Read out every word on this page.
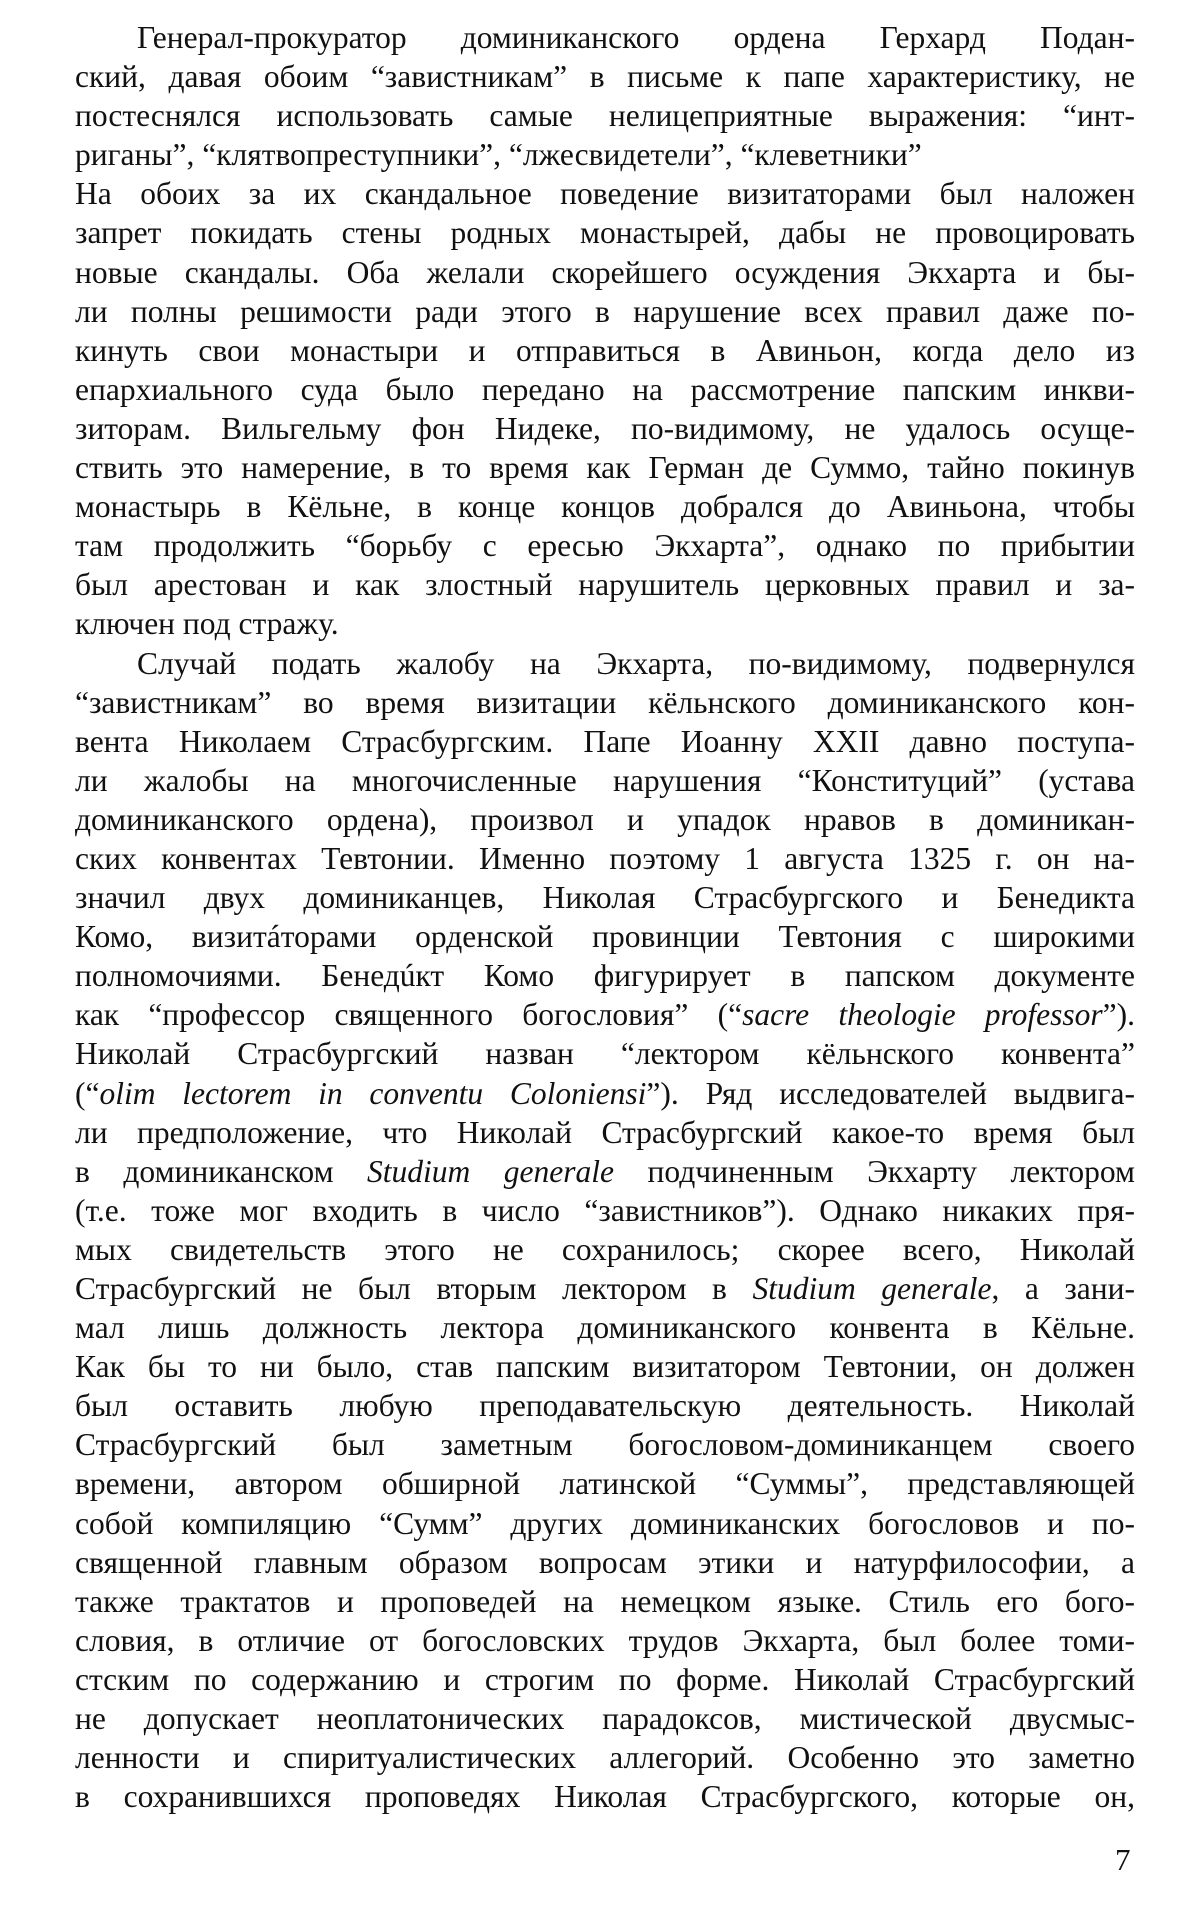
Генерал-прокуратор доминиканского ордена Герхард Подан-
ский, давая обоим “завистникам” в письме к папе характеристику, не
постеснялся использовать самые нелицеприятные выражения: “инт-
риганы”, “клятвопреступники”, “лжесвидетели”, “клеветники”
На обоих за их скандальное поведение визитаторами был наложен
запрет покидать стены родных монастырей, дабы не провоцировать
новые скандалы. Оба желали скорейшего осуждения Экхарта и бы-
ли полны решимости ради этого в нарушение всех правил даже по-
кинуть свои монастыри и отправиться в Авиньон, когда дело из
епархиального суда было передано на рассмотрение папским инкви-
зиторам. Вильгельму фон Нидеке, по-видимому, не удалось осуще-
ствить это намерение, в то время как Герман де Суммо, тайно покинув
монастырь в Кёльне, в конце концов добрался до Авиньона, чтобы
там продолжить “борьбу с ересью Экхарта”, однако по прибытии
был арестован и как злостный нарушитель церковных правил и за-
ключен под стражу.
Случай подать жалобу на Экхарта, по-видимому, подвернулся
“завистникам” во время визитации кёльнского доминиканского кон-
вента Николаем Страсбургским. Папе Иоанну XXII давно поступа-
ли жалобы на многочисленные нарушения “Конституций” (устава
доминиканского ордена), произвол и упадок нравов в доминикан-
ских конвентах Тевтонии. Именно поэтому 1 августа 1325 г. он на-
значил двух доминиканцев, Николая Страсбургского и Бенедикта
Комо, визитáторами орденской провинции Тевтония с широкими
полномочиями. Бенедúкт Комо фигурирует в папском документе
как “профессор священного богословия” (“sacre theologie professor”).
Николай Страсбургский назван “лектором кёльнского конвента”
(“olim lectorem in conventu Coloniensi”). Ряд исследователей выдвига-
ли предположение, что Николай Страсбургский какое-то время был
в доминиканском Studium generale подчиненным Экхарту лектором
(т.е. тоже мог входить в число “завистников”). Однако никаких пря-
мых свидетельств этого не сохранилось; скорее всего, Николай
Страсбургский не был вторым лектором в Studium generale, а зани-
мал лишь должность лектора доминиканского конвента в Кёльне.
Как бы то ни было, став папским визитатором Тевтонии, он должен
был оставить любую преподавательскую деятельность. Николай
Страсбургский был заметным богословом-доминиканцем своего
времени, автором обширной латинской “Суммы”, представляющей
собой компиляцию “Сумм” других доминиканских богословов и по-
священной главным образом вопросам этики и натурфилософии, а
также трактатов и проповедей на немецком языке. Стиль его бого-
словия, в отличие от богословских трудов Экхарта, был более томи-
стским по содержанию и строгим по форме. Николай Страсбургский
не допускает неоплатонических парадоксов, мистической двусмыс-
ленности и спиритуалистических аллегорий. Особенно это заметно
в сохранившихся проповедях Николая Страсбургского, которые он,
7
